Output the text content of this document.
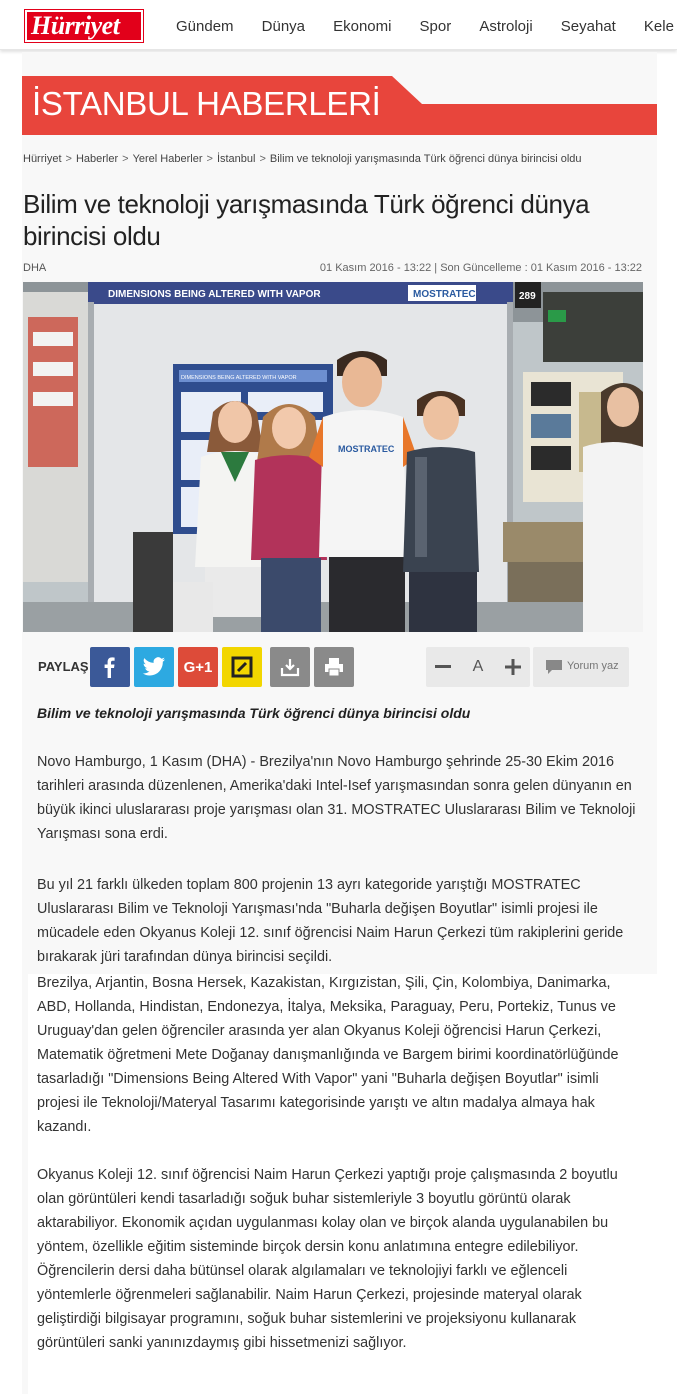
Hürriyet	Gündem Dünya Ekonomi Spor Astroloji Seyahat Kele
İSTANBUL HABERLERİ
Hürriyet > Haberler > Yerel Haberler > İstanbul > Bilim ve teknoloji yarışmasında Türk öğrenci dünya birincisi oldu
Bilim ve teknoloji yarışmasında Türk öğrenci dünya birincisi oldu
DHA	01 Kasım 2016 - 13:22 | Son Güncelleme : 01 Kasım 2016 - 13:22
DIMENSIONS BEING ALTERED WITH VAPOR	MOSTRATEC	289
DIMENSIONS BEING ALTERED WITH VAPOR
MOSTRATEC
PAYLAŞ	G+1	A	Yorum yaz

Bilim ve teknoloji yarışmasında Türk öğrenci dünya birincisi oldu

Novo Hamburgo, 1 Kasım (DHA) - Brezilya'nın Novo Hamburgo şehrinde 25-30 Ekim 2016 tarihleri arasında düzenlenen, Amerika'daki Intel-Isef yarışmasından sonra gelen dünyanın en büyük ikinci uluslararası proje yarışması olan 31. MOSTRATEC Uluslararası Bilim ve Teknoloji Yarışması sona erdi.

Bu yıl 21 farklı ülkeden toplam 800 projenin 13 ayrı kategoride yarıştığı MOSTRATEC Uluslararası Bilim ve Teknoloji Yarışması'nda "Buharla değişen Boyutlar" isimli projesi ile mücadele eden Okyanus Koleji 12. sınıf öğrencisi Naim Harun Çerkezi tüm rakiplerini geride bırakarak jüri tarafından dünya birincisi seçildi.

Brezilya, Arjantin, Bosna Hersek, Kazakistan, Kırgızistan, Şili, Çin, Kolombiya, Danimarka, ABD, Hollanda, Hindistan, Endonezya, İtalya, Meksika, Paraguay, Peru, Portekiz, Tunus ve Uruguay'dan gelen öğrenciler arasında yer alan Okyanus Koleji öğrencisi Harun Çerkezi, Matematik öğretmeni Mete Doğanay danışmanlığında ve Bargem birimi koordinatörlüğünde tasarladığı "Dimensions Being Altered With Vapor" yani "Buharla değişen Boyutlar" isimli projesi ile Teknoloji/Materyal Tasarımı kategorisinde yarıştı ve altın madalya almaya hak kazandı.

Okyanus Koleji 12. sınıf öğrencisi Naim Harun Çerkezi yaptığı proje çalışmasında 2 boyutlu olan görüntüleri kendi tasarladığı soğuk buhar sistemleriyle 3 boyutlu görüntü olarak aktarabiliyor. Ekonomik açıdan uygulanması kolay olan ve birçok alanda uygulanabilen bu yöntem, özellikle eğitim sisteminde birçok dersin konu anlatımına entegre edilebiliyor. Öğrencilerin dersi daha bütünsel olarak algılamaları ve teknolojiyi farklı ve eğlenceli yöntemlerle öğrenmeleri sağlanabilir. Naim Harun Çerkezi, projesinde materyal olarak geliştirdiği bilgisayar programını, soğuk buhar sistemlerini ve projeksiyonu kullanarak görüntüleri sanki yanınızdaymış gibi hissetmenizi sağlıyor.
